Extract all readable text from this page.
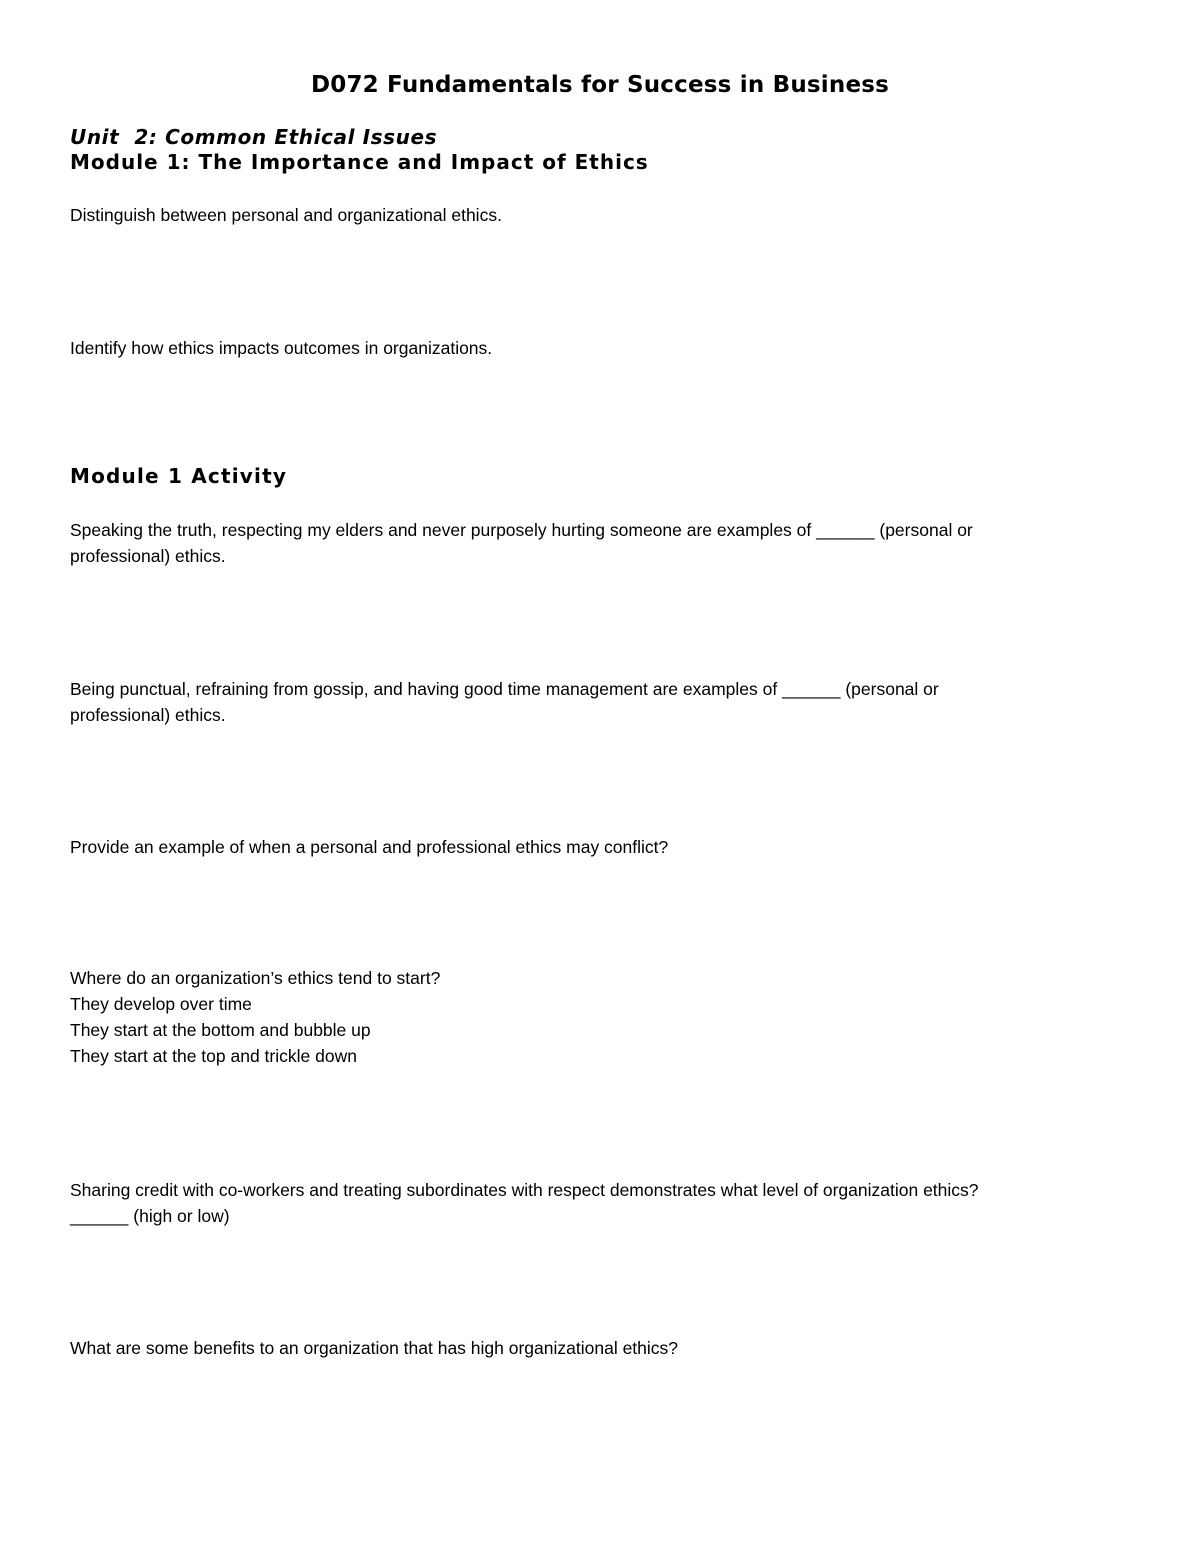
D072 Fundamentals for Success in Business
Unit  2: Common Ethical Issues
Module 1: The Importance and Impact of Ethics

Distinguish between personal and organizational ethics.

Identify how ethics impacts outcomes in organizations.

Module 1 Activity

Speaking the truth, respecting my elders and never purposely hurting someone are examples of ______ (personal or
professional) ethics.

Being punctual, refraining from gossip, and having good time management are examples of ______ (personal or
professional) ethics.

Provide an example of when a personal and professional ethics may conflict?

Where do an organization’s ethics tend to start?
They develop over time
They start at the bottom and bubble up
They start at the top and trickle down

Sharing credit with co-workers and treating subordinates with respect demonstrates what level of organization ethics?
______ (high or low)

What are some benefits to an organization that has high organizational ethics?
